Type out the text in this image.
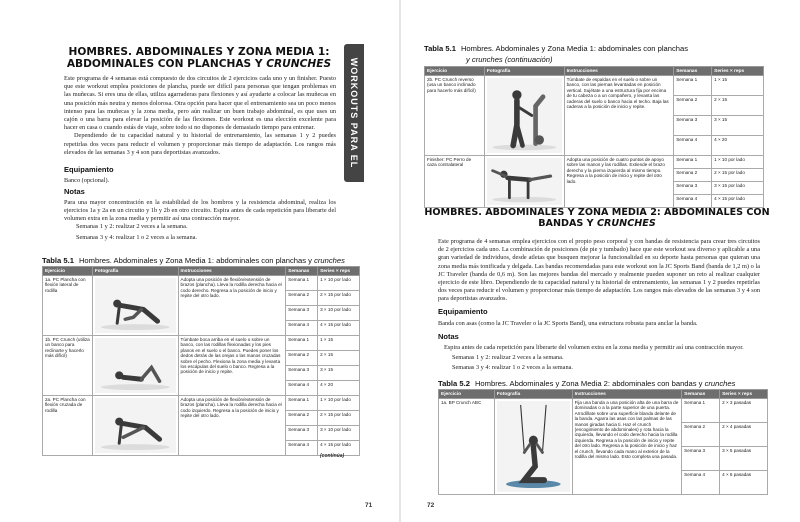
WORKOUTS PARA EL
HOMBRES. ABDOMINALES Y ZONA MEDIA 1:
ABDOMINALES CON PLANCHAS Y CRUNCHES

Este programa de 4 semanas está compuesto de dos circuitos de 2 ejercicios cada uno y un finisher. Puesto que este workout emplea posiciones de plancha, puede ser difícil para personas que tengan problemas en las muñecas. Si eres una de ellas, utiliza agarraderas para flexiones y así ayudarte a colocar las muñecas en una posición más neutra y menos dolorosa. Otra opción para hacer que el entrenamiento sea un poco menos intenso para las muñecas y la zona media, pero aún realizar un buen trabajo abdominal, es que uses un cajón o una barra para elevar la posición de las flexiones. Este workout es una elección excelente para hacer en casa o cuando estás de viaje, sobre todo si no dispones de demasiado tiempo para entrenar.

Dependiendo de tu capacidad natural y tu historial de entrenamiento, las semanas 1 y 2 puedes repetirlas dos veces para reducir el volumen y proporcionar más tiempo de adaptación. Los rangos más elevados de las semanas 3 y 4 son para deportistas avanzados.

Equipamiento
Banco (opcional).
Notas
Para una mayor concentración en la estabilidad de los hombros y la resistencia abdominal, realiza los ejercicios 1a y 2a en un circuito y 1b y 2b en otro circuito. Espira antes de cada repetición para liberarte del volumen extra en la zona media y permitir así una contracción mayor.
Semanas 1 y 2: realizar 2 veces a la semana.
Semanas 3 y 4: realizar 1 o 2 veces a la semana.
Tabla 5.1 Hombres. Abdominales y Zona Media 1: abdominales con planchas y crunches
Ejercicio	Fotografía	Instrucciones	Semanas	Series × reps
1a. PC Plancha con flexión lateral de rodilla		Adopta una posición de flexión/extensión de brazos (plancha). Lleva la rodilla derecha hacia el codo derecho. Regresa a la posición de inicio y repite del otro lado.	Semana 1	1 × 10 por lado
			Semana 2	2 × 15 por lado
			Semana 3	3 × 10 por lado
			Semana 4	4 × 15 por lado
1b. PC Crunch (utiliza un banco para reclinarte y hacerlo más difícil)		Túmbate boca arriba en el suelo o sobre un banco, con las rodillas flexionadas y los pies planos en el suelo o el banco. Puedes poner los dedos detrás de las orejas o las manos cruzadas sobre el pecho. Flexiona la zona media y levanta los escápulas del suelo o banco. Regresa a la posición de inicio y repite.	Semana 1	1 × 15
			Semana 2	2 × 15
			Semana 3	3 × 15
			Semana 4	4 × 20
2a. PC Plancha con flexión cruzada de rodilla		Adopta una posición de flexión/extensión de brazos (plancha). Lleva la rodilla derecha hacia el codo izquierdo. Regresa a la posición de inicio y repite del otro lado.	Semana 1	1 × 10 por lado
			Semana 2	2 × 15 por lado
			Semana 3	3 × 10 por lado
			Semana 4	4 × 15 por lado
(continúa)
71
Tabla 5.1 Hombres. Abdominales y Zona Media 1: abdominales con planchas
y crunches (continuación)
Ejercicio	Fotografía	Instrucciones	Semanas	Series × reps
2b. PC Crunch reverso (usa un banco inclinado para hacerlo más difícil)		Túmbate de espaldas en el suelo o sobre un banco, con las piernas levantadas en posición vertical. Sujétate a una estructura fija por encima de tu cabeza o a un compañero, y levanta las caderas del suelo o banco hacia el techo. Baja las caderas a la posición de inicio y repite.	Semana 1	1 × 15
			Semana 2	2 × 15
			Semana 3	3 × 15
			Semana 4	4 × 20
Finisher: PC Perro de caza contralateral		Adopta una posición de cuatro puntos de apoyo sobre las manos y las rodillas. Extiende el brazo derecho y la pierna izquierda al mismo tiempo. Regresa a la posición de inicio y repite del otro lado.	Semana 1	1 × 10 por lado
			Semana 2	2 × 15 por lado
			Semana 3	3 × 15 por lado
			Semana 4	4 × 15 por lado
HOMBRES. ABDOMINALES Y ZONA MEDIA 2: ABDOMINALES CON
BANDAS Y CRUNCHES
Este programa de 4 semanas emplea ejercicios con el propio peso corporal y con bandas de resistencia para crear tres circuitos de 2 ejercicios cada uno. La combinación de posiciones (de pie y tumbado) hace que este workout sea diverso y aplicable a una gran variedad de individuos, desde atletas que busquen mejorar la funcionalidad en su deporte hasta personas que quieran una zona media más tonificada y delgada. Las bandas recomendadas para este workout son la JC Sports Band (banda de 1,2 m) o la JC Traveler (banda de 0,6 m). Son las mejores bandas del mercado y realmente pueden suponer un reto al realizar cualquier ejercicio de este libro. Dependiendo de tu capacidad natural y tu historial de entrenamiento, las semanas 1 y 2 puedes repetirlas dos veces para reducir el volumen y proporcionar más tiempo de adaptación. Los rangos más elevados de las semanas 3 y 4 son para deportistas avanzados.
Equipamiento
Banda con asas (como la JC Traveler o la JC Sports Band), una estructura robusta para anclar la banda.
Notas
Espira antes de cada repetición para liberarte del volumen extra en la zona media y permitir así una contracción mayor.
Semanas 1 y 2: realizar 2 veces a la semana.
Semanas 3 y 4: realizar 1 o 2 veces a la semana.
Tabla 5.2 Hombres. Abdominales y Zona Media 2: abdominales con bandas y crunches
Ejercicio	Fotografía	Instrucciones	Semanas	Series × reps
1a. BP Crunch ABC		Fija una banda a una posición alta de una barra de dominadas o a la parte superior de una puerta. Arrodíllate sobre una superficie blanda delante de la banda. Agarra las asas con las palmas de las manos giradas hacia ti. Haz el crunch (encogimiento de abdominales) y rota hacia la izquierda, llevando el codo derecho hacia la rodilla izquierda. Regresa a la posición de inicio y repite del otro lado. Regresa a la posición de inicio y haz el crunch, llevando cada mano al exterior de la rodilla del mismo lado. Esto completa una pasada.	Semana 1	2 × 3 pasadas
			Semana 2	2 × 4 pasadas
			Semana 3	3 × 5 pasadas
			Semana 4	4 × 6 pasadas
72
